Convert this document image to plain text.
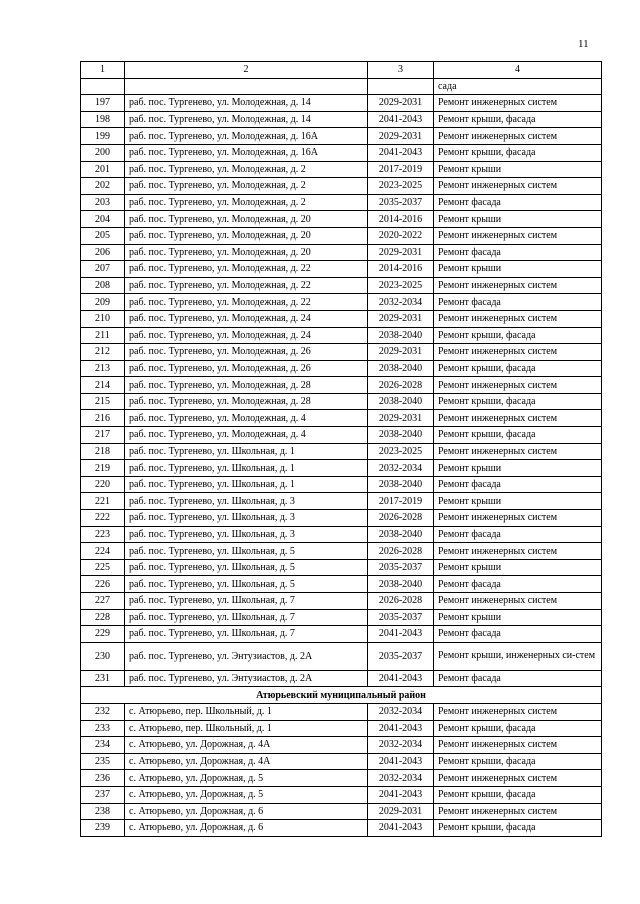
11
1	2	3	4
			сада
197	раб. пос. Тургенево, ул. Молодежная, д. 14	2029-2031	Ремонт инженерных систем
198	раб. пос. Тургенево, ул. Молодежная, д. 14	2041-2043	Ремонт крыши, фасада
199	раб. пос. Тургенево, ул. Молодежная, д. 16А	2029-2031	Ремонт инженерных систем
200	раб. пос. Тургенево, ул. Молодежная, д. 16А	2041-2043	Ремонт крыши, фасада
201	раб. пос. Тургенево, ул. Молодежная, д. 2	2017-2019	Ремонт крыши
202	раб. пос. Тургенево, ул. Молодежная, д. 2	2023-2025	Ремонт инженерных систем
203	раб. пос. Тургенево, ул. Молодежная, д. 2	2035-2037	Ремонт фасада
204	раб. пос. Тургенево, ул. Молодежная, д. 20	2014-2016	Ремонт крыши
205	раб. пос. Тургенево, ул. Молодежная, д. 20	2020-2022	Ремонт инженерных систем
206	раб. пос. Тургенево, ул. Молодежная, д. 20	2029-2031	Ремонт фасада
207	раб. пос. Тургенево, ул. Молодежная, д. 22	2014-2016	Ремонт крыши
208	раб. пос. Тургенево, ул. Молодежная, д. 22	2023-2025	Ремонт инженерных систем
209	раб. пос. Тургенево, ул. Молодежная, д. 22	2032-2034	Ремонт фасада
210	раб. пос. Тургенево, ул. Молодежная, д. 24	2029-2031	Ремонт инженерных систем
211	раб. пос. Тургенево, ул. Молодежная, д. 24	2038-2040	Ремонт крыши, фасада
212	раб. пос. Тургенево, ул. Молодежная, д. 26	2029-2031	Ремонт инженерных систем
213	раб. пос. Тургенево, ул. Молодежная, д. 26	2038-2040	Ремонт крыши, фасада
214	раб. пос. Тургенево, ул. Молодежная, д. 28	2026-2028	Ремонт инженерных систем
215	раб. пос. Тургенево, ул. Молодежная, д. 28	2038-2040	Ремонт крыши, фасада
216	раб. пос. Тургенево, ул. Молодежная, д. 4	2029-2031	Ремонт инженерных систем
217	раб. пос. Тургенево, ул. Молодежная, д. 4	2038-2040	Ремонт крыши, фасада
218	раб. пос. Тургенево, ул. Школьная, д. 1	2023-2025	Ремонт инженерных систем
219	раб. пос. Тургенево, ул. Школьная, д. 1	2032-2034	Ремонт крыши
220	раб. пос. Тургенево, ул. Школьная, д. 1	2038-2040	Ремонт фасада
221	раб. пос. Тургенево, ул. Школьная, д. 3	2017-2019	Ремонт крыши
222	раб. пос. Тургенево, ул. Школьная, д. 3	2026-2028	Ремонт инженерных систем
223	раб. пос. Тургенево, ул. Школьная, д. 3	2038-2040	Ремонт фасада
224	раб. пос. Тургенево, ул. Школьная, д. 5	2026-2028	Ремонт инженерных систем
225	раб. пос. Тургенево, ул. Школьная, д. 5	2035-2037	Ремонт крыши
226	раб. пос. Тургенево, ул. Школьная, д. 5	2038-2040	Ремонт фасада
227	раб. пос. Тургенево, ул. Школьная, д. 7	2026-2028	Ремонт инженерных систем
228	раб. пос. Тургенево, ул. Школьная, д. 7	2035-2037	Ремонт крыши
229	раб. пос. Тургенево, ул. Школьная, д. 7	2041-2043	Ремонт фасада
230	раб. пос. Тургенево, ул. Энтузиастов, д. 2А	2035-2037	Ремонт крыши, инженерных си-стем
231	раб. пос. Тургенево, ул. Энтузиастов, д. 2А	2041-2043	Ремонт фасада
Атюрьевский муниципальный район			
232	с. Атюрьево, пер. Школьный, д. 1	2032-2034	Ремонт инженерных систем
233	с. Атюрьево, пер. Школьный, д. 1	2041-2043	Ремонт крыши, фасада
234	с. Атюрьево, ул. Дорожная, д. 4А	2032-2034	Ремонт инженерных систем
235	с. Атюрьево, ул. Дорожная, д. 4А	2041-2043	Ремонт крыши, фасада
236	с. Атюрьево, ул. Дорожная, д. 5	2032-2034	Ремонт инженерных систем
237	с. Атюрьево, ул. Дорожная, д. 5	2041-2043	Ремонт крыши, фасада
238	с. Атюрьево, ул. Дорожная, д. 6	2029-2031	Ремонт инженерных систем
239	с. Атюрьево, ул. Дорожная, д. 6	2041-2043	Ремонт крыши, фасада
